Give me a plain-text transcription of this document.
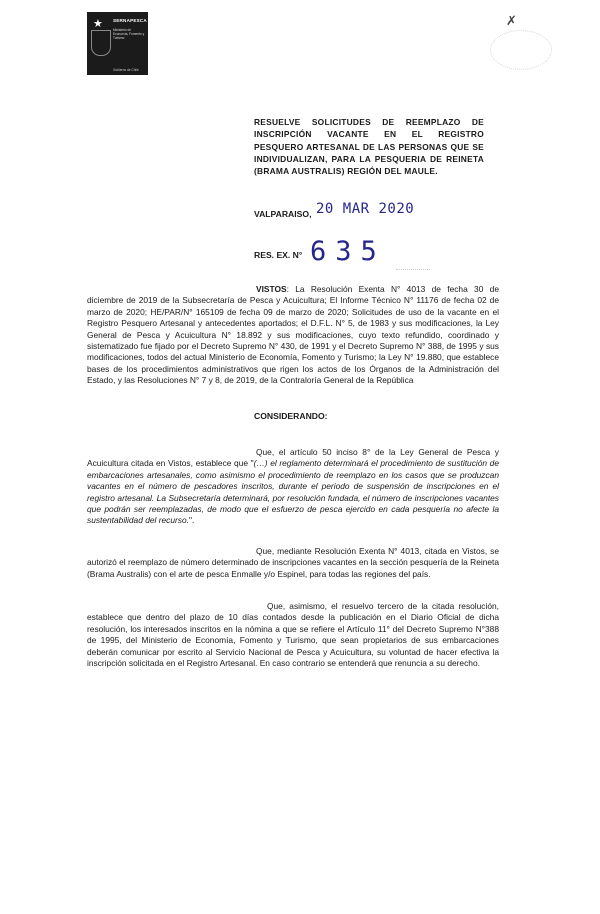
★ SERNAPESCA
Ministerio de Economía, Fomento y Turismo
Gobierno de Chile
✗
RESUELVE SOLICITUDES DE REEMPLAZO DE INSCRIPCIÓN VACANTE EN EL REGISTRO PESQUERO ARTESANAL DE LAS PERSONAS QUE SE INDIVIDUALIZAN, PARA LA PESQUERIA DE REINETA (BRAMA AUSTRALIS) REGIÓN DEL MAULE.
VALPARAISO, 20 MAR 2020
RES. EX. N° 635
VISTOS: La Resolución Exenta N° 4013 de fecha 30 de diciembre de 2019 de la Subsecretaría de Pesca y Acuicultura; El Informe Técnico N° 11176 de fecha 02 de marzo de 2020; HE/PAR/N° 165109 de fecha 09 de marzo de 2020; Solicitudes de uso de la vacante en el Registro Pesquero Artesanal y antecedentes aportados; el D.F.L. N° 5, de 1983 y sus modificaciones, la Ley General de Pesca y Acuicultura N° 18.892 y sus modificaciones, cuyo texto refundido, coordinado y sistematizado fue fijado por el Decreto Supremo N° 430, de 1991 y el Decreto Supremo N° 388, de 1995 y sus modificaciones, todos del actual Ministerio de Economía, Fomento y Turismo; la Ley N° 19.880, que establece bases de los procedimientos administrativos que rigen los actos de los Órganos de la Administración del Estado, y las Resoluciones N° 7 y 8, de 2019, de la Contraloría General de la República
CONSIDERANDO:
Que, el artículo 50 inciso 8° de la Ley General de Pesca y Acuicultura citada en Vistos, establece que "(…) el reglamento determinará el procedimiento de sustitución de embarcaciones artesanales, como asimismo el procedimiento de reemplazo en los casos que se produzcan vacantes en el número de pescadores inscritos, durante el periodo de suspensión de inscripciones en el registro artesanal. La Subsecretaría determinará, por resolución fundada, el número de inscripciones vacantes que podrán ser reemplazadas, de modo que el esfuerzo de pesca ejercido en cada pesquería no afecte la sustentabilidad del recurso.".
Que, mediante Resolución Exenta N° 4013, citada en Vistos, se autorizó el reemplazo de número determinado de inscripciones vacantes en la sección pesquería de la Reineta (Brama Australis) con el arte de pesca Enmalle y/o Espinel, para todas las regiones del país.
Que, asimismo, el resuelvo tercero de la citada resolución, establece que dentro del plazo de 10 días contados desde la publicación en el Diario Oficial de dicha resolución, los interesados inscritos en la nómina a que se refiere el Artículo 11° del Decreto Supremo N°388 de 1995, del Ministerio de Economía, Fomento y Turismo, que sean propietarios de sus embarcaciones deberán comunicar por escrito al Servicio Nacional de Pesca y Acuicultura, su voluntad de hacer efectiva la inscripción solicitada en el Registro Artesanal. En caso contrario se entenderá que renuncia a su derecho.
